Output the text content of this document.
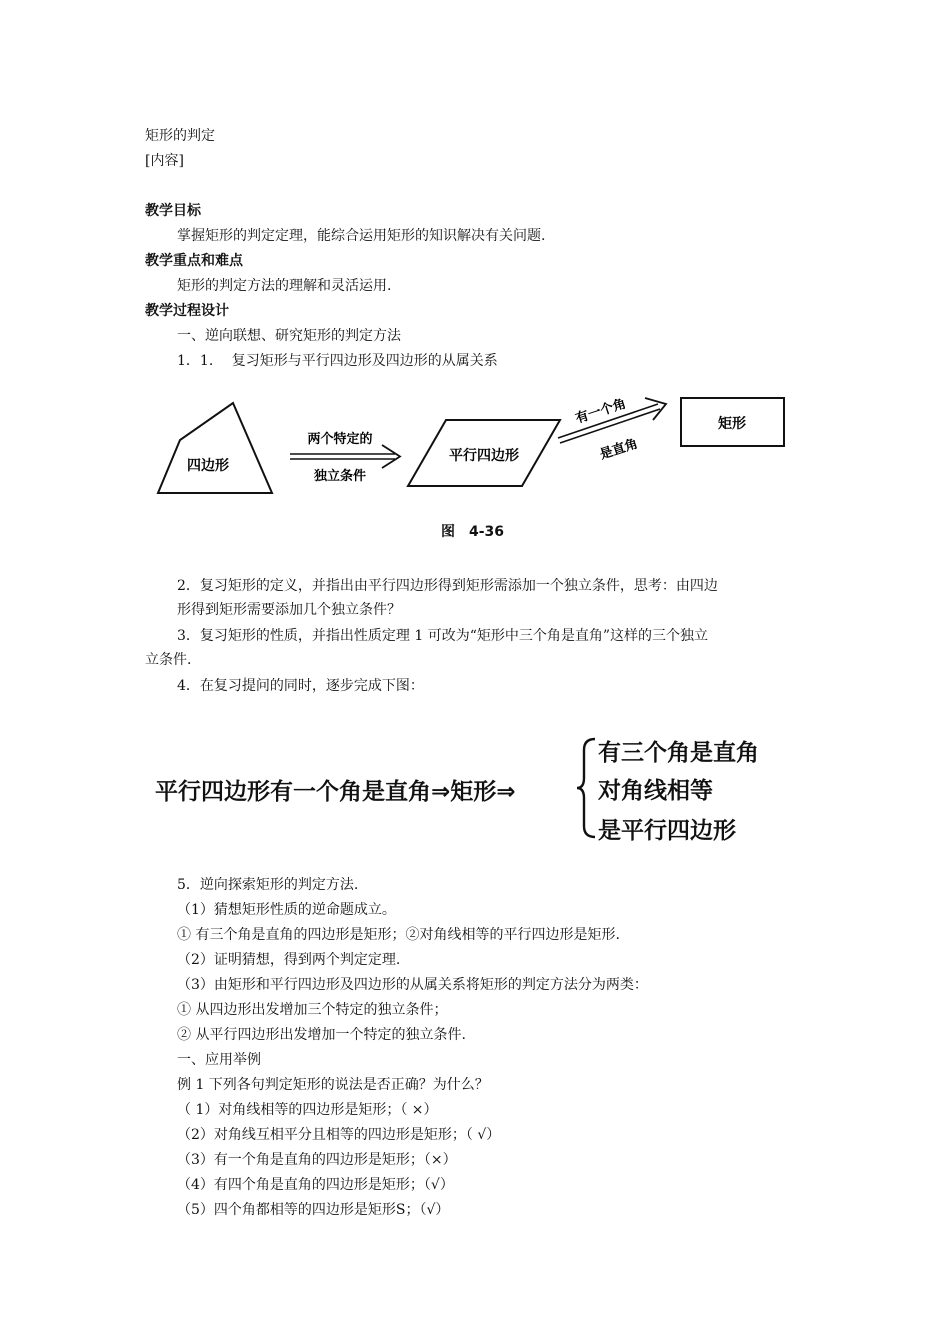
矩形的判定
[内容]
教学目标
掌握矩形的判定定理，能综合运用矩形的知识解决有关问题.
教学重点和难点
矩形的判定方法的理解和灵活运用.
教学过程设计
一、逆向联想、研究矩形的判定方法
1．1.　 复习矩形与平行四边形及四边形的从属关系
四边形
两个特定的
独立条件
平行四边形
有一个角
是直角
矩形
图　4-36
2．复习矩形的定义，并指出由平行四边形得到矩形需添加一个独立条件，思考：由四边
形得到矩形需要添加几个独立条件？
3．复习矩形的性质，并指出性质定理 1 可改为“矩形中三个角是直角”这样的三个独立
立条件.
4．在复习提问的同时，逐步完成下图：
平行四边形有一个角是直角⇒矩形⇒
有三个角是直角
对角线相等
是平行四边形
5．逆向探索矩形的判定方法.
（1）猜想矩形性质的逆命题成立。
① 有三个角是直角的四边形是矩形；②对角线相等的平行四边形是矩形.
（2）证明猜想，得到两个判定定理.
（3）由矩形和平行四边形及四边形的从属关系将矩形的判定方法分为两类：
① 从四边形出发增加三个特定的独立条件；
② 从平行四边形出发增加一个特定的独立条件.
一、应用举例
例 1 下列各句判定矩形的说法是否正确？为什么？
（ 1）对角线相等的四边形是矩形；（ ×）
（2）对角线互相平分且相等的四边形是矩形；（ √）
（3）有一个角是直角的四边形是矩形；（×）
（4）有四个角是直角的四边形是矩形；（√）
（5）四个角都相等的四边形是矩形S；（√）
